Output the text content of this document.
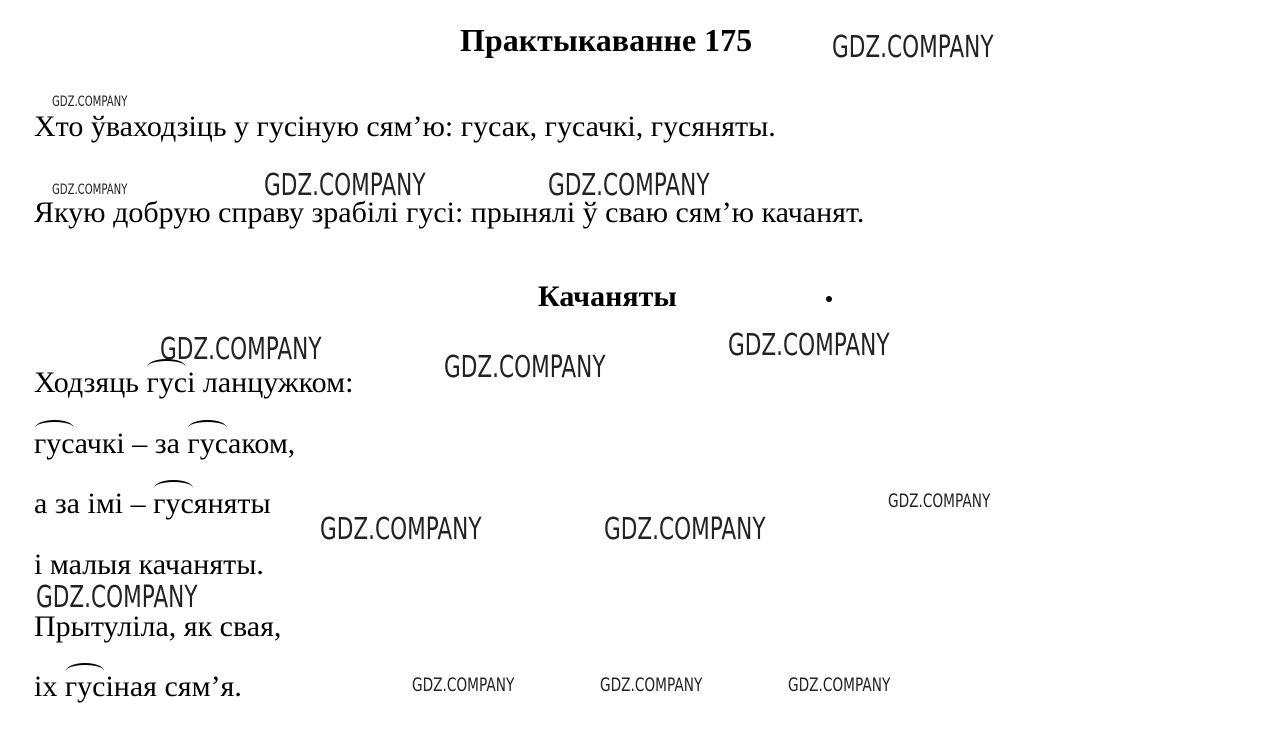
Практыкаванне 175
Хто ўваходзіць у гусіную сям’ю: гусак, гусачкі, гусяняты.
Якую добрую справу зрабілі гусі: прынялі ў сваю сям’ю качанят.
Качаняты
Ходзяць гусі ланцужком:
гусачкі – за гусаком,
а за імі – гусяняты
і малыя качаняты.
Прытуліла, як свая,
іх гусіная сям’я.
GDZ.COMPANY
GDZ.COMPANY
GDZ.COMPANY	GDZ.COMPANY	GDZ.COMPANY
GDZ.COMPANY
GDZ.COMPANY
GDZ.COMPANY
GDZ.COMPANY
GDZ.COMPANY	GDZ.COMPANY
GDZ.COMPANY
GDZ.COMPANY	GDZ.COMPANY	GDZ.COMPANY
